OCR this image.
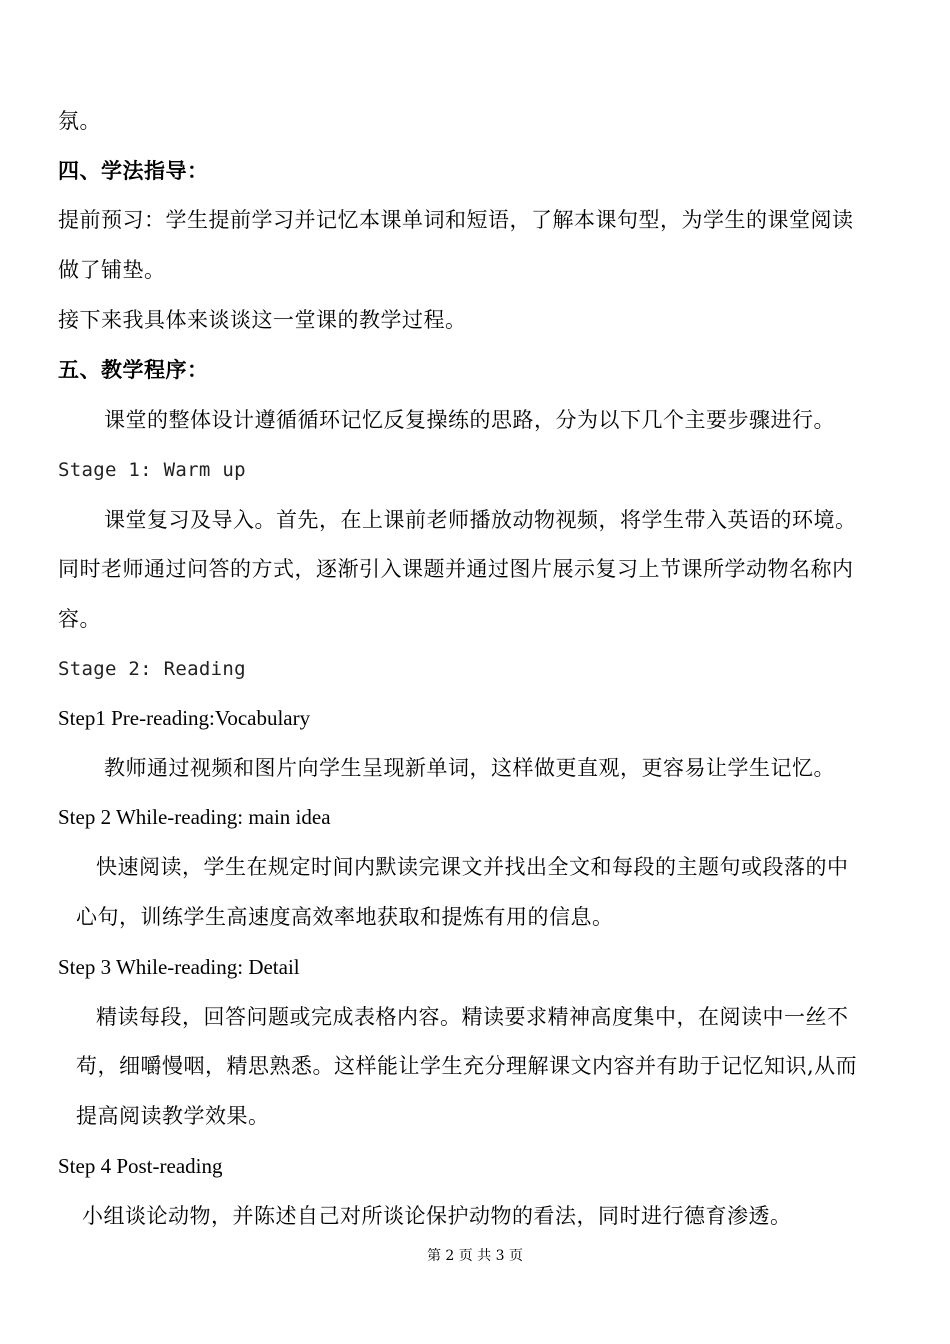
氛。
四、学法指导：
提前预习：学生提前学习并记忆本课单词和短语，了解本课句型，为学生的课堂阅读
做了铺垫。
接下来我具体来谈谈这一堂课的教学过程。
五、教学程序：
课堂的整体设计遵循循环记忆反复操练的思路，分为以下几个主要步骤进行。
Stage 1: Warm up
课堂复习及导入。首先，在上课前老师播放动物视频，将学生带入英语的环境。
同时老师通过问答的方式，逐渐引入课题并通过图片展示复习上节课所学动物名称内
容。
Stage 2: Reading
Step1 Pre-reading:Vocabulary
教师通过视频和图片向学生呈现新单词，这样做更直观，更容易让学生记忆。
Step 2 While-reading: main idea
快速阅读，学生在规定时间内默读完课文并找出全文和每段的主题句或段落的中
心句，训练学生高速度高效率地获取和提炼有用的信息。
Step 3 While-reading: Detail
精读每段，回答问题或完成表格内容。精读要求精神高度集中，在阅读中一丝不
苟，细嚼慢咽，精思熟悉。这样能让学生充分理解课文内容并有助于记忆知识,从而
提高阅读教学效果。
Step 4 Post-reading
小组谈论动物，并陈述自己对所谈论保护动物的看法，同时进行德育渗透。
第 2 页 共 3 页
